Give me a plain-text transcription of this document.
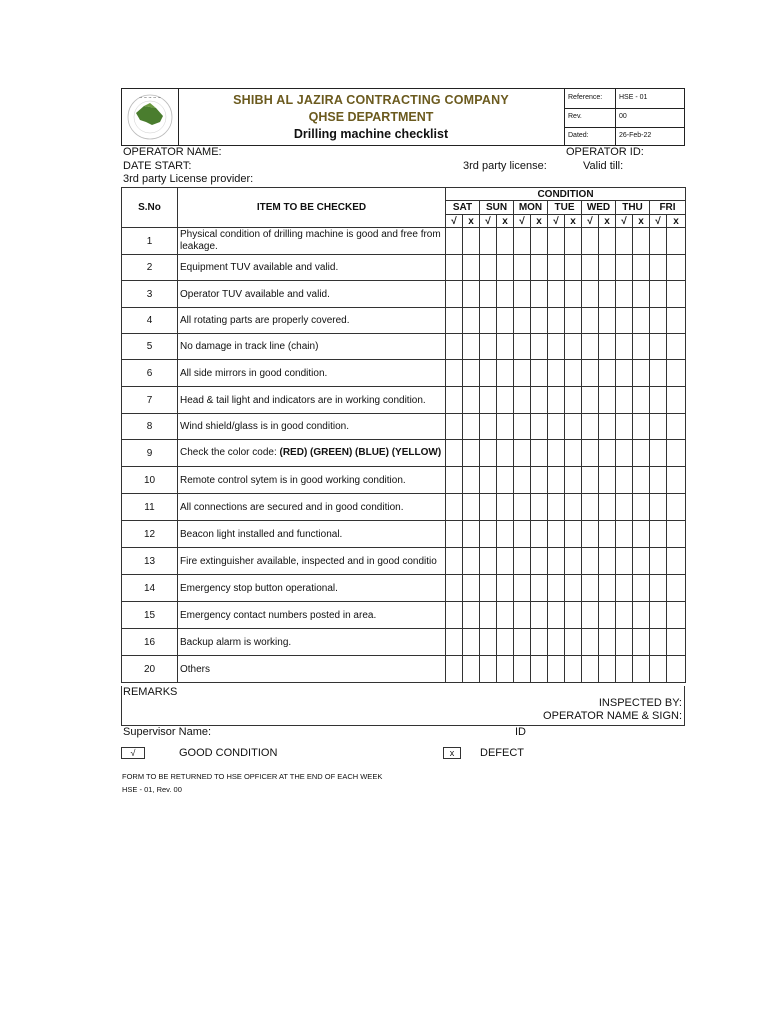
~ ~ ~ ~ ~	SHIBH AL JAZIRA CONTRACTING COMPANY
QHSE DEPARTMENT
Drilling machine checklist
Reference: HSE - 01
Rev.	00
Dated:	26-Feb-22
OPERATOR NAME:	OPERATOR ID:
DATE START:	3rd party license:	Valid till:
3rd party License provider:
S.No	ITEM TO BE CHECKED	CONDITION													
		SAT		SUN		MON		TUE		WED		THU		FRI	
		√	x	√	x	√	x	√	x	√	x	√	x	√	x
1	Physical condition of drilling machine is good and free from leakage.														
2	Equipment TUV available and valid.														
3	Operator TUV available and valid.														
4	All rotating parts are properly covered.														
5	No damage in track line (chain)														
6	All side mirrors in good condition.														
7	Head & tail light and indicators are in working condition.														
8	Wind shield/glass is in good condition.														
9	Check the color code: (RED) (GREEN) (BLUE) (YELLOW)														
10	Remote control sytem is in good working condition.														
11	All connections are secured and in good condition.														
12	Beacon light installed and functional.														
13	Fire extinguisher available, inspected and in good conditio														
14	Emergency stop button operational.														
15	Emergency contact numbers posted in area.														
16	Backup alarm is working.														
20	Others														
REMARKS
INSPECTED BY:
OPERATOR NAME & SIGN:
Supervisor Name:	ID
√	GOOD CONDITION	x	DEFECT
FORM TO BE RETURNED TO HSE OPFICER AT THE END OF EACH WEEK
HSE - 01, Rev. 00
